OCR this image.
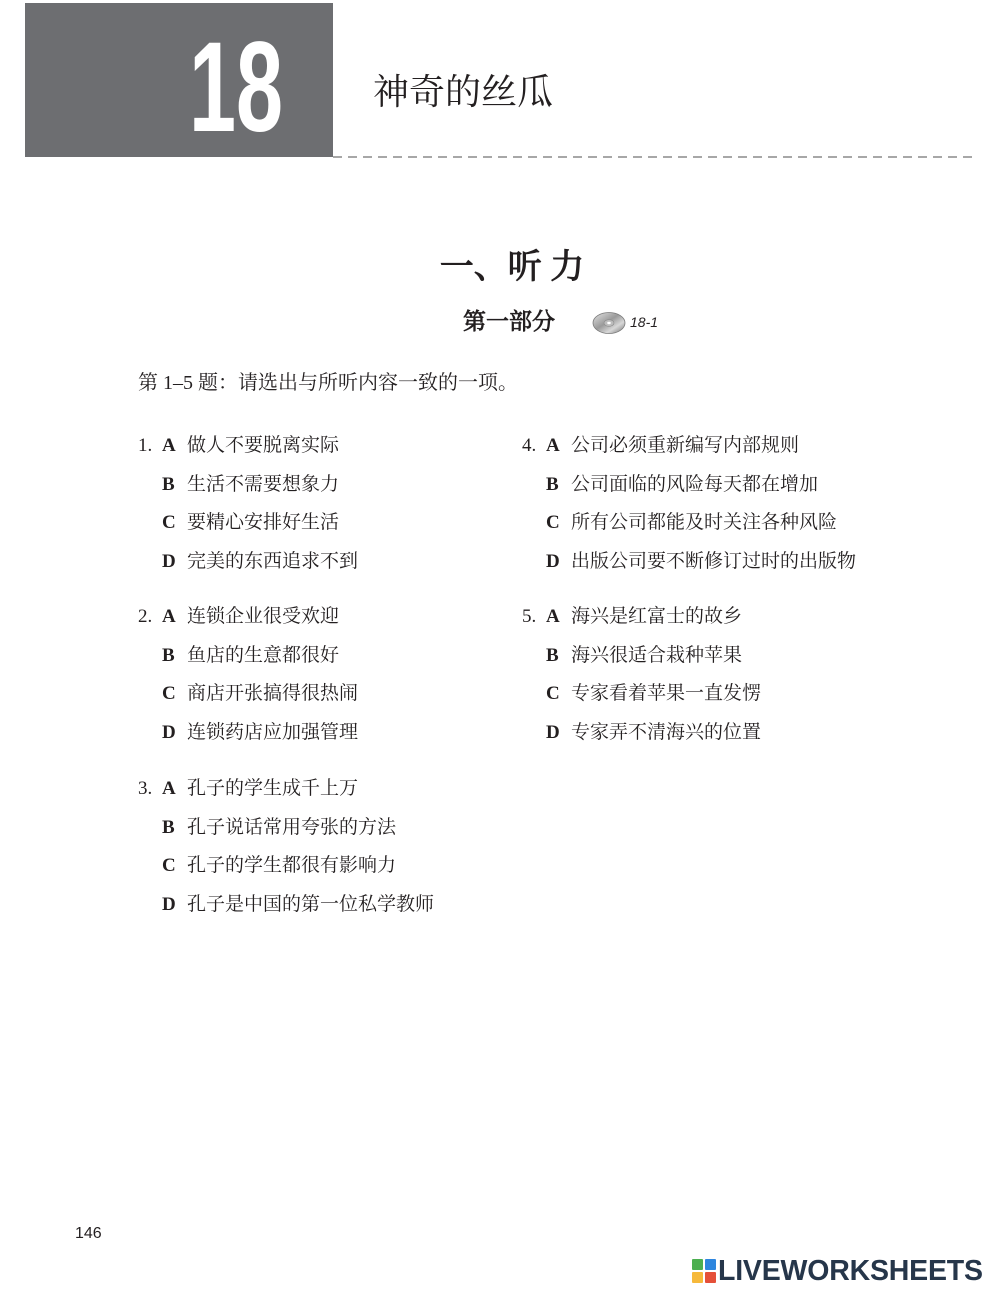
18	神奇的丝瓜
一、听 力
第一部分	18-1
第 1–5 题：请选出与所听内容一致的一项。
1. A 做人不要脱离实际
B 生活不需要想象力
C 要精心安排好生活
D 完美的东西追求不到
2. A 连锁企业很受欢迎
B 鱼店的生意都很好
C 商店开张搞得很热闹
D 连锁药店应加强管理
3. A 孔子的学生成千上万
B 孔子说话常用夸张的方法
C 孔子的学生都很有影响力
D 孔子是中国的第一位私学教师
4. A 公司必须重新编写内部规则
B 公司面临的风险每天都在增加
C 所有公司都能及时关注各种风险
D 出版公司要不断修订过时的出版物
5. A 海兴是红富士的故乡
B 海兴很适合栽种苹果
C 专家看着苹果一直发愣
D 专家弄不清海兴的位置
146
LIVEWORKSHEETS
